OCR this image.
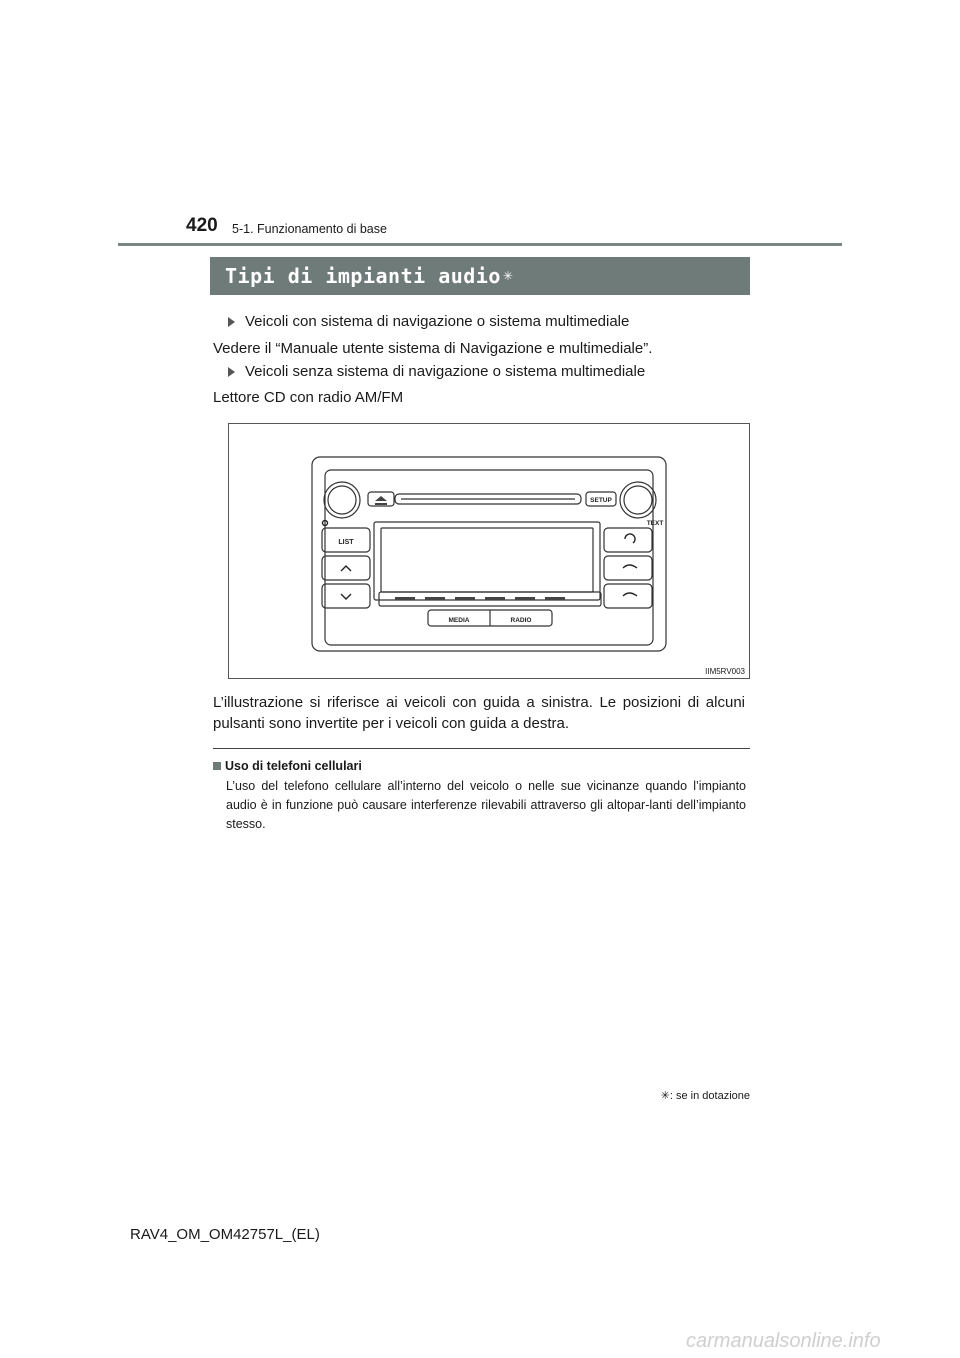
420 5-1. Funzionamento di base
Tipi di impianti audio ✳
Veicoli con sistema di navigazione o sistema multimediale
Vedere il “Manuale utente sistema di Navigazione e multimediale”.
Veicoli senza sistema di navigazione o sistema multimediale
Lettore CD con radio AM/FM
SETUP
TEXT
LIST
MEDIA	RADIO
IIM5RV003
L’illustrazione si riferisce ai veicoli con guida a sinistra. Le posizioni di alcuni pulsanti sono invertite per i veicoli con guida a destra.
Uso di telefoni cellulari
L’uso del telefono cellulare all’interno del veicolo o nelle sue vicinanze quando l’impianto audio è in funzione può causare interferenze rilevabili attraverso gli altopar-lanti dell’impianto stesso.
✳: se in dotazione
RAV4_OM_OM42757L_(EL)
carmanualsonline.info
